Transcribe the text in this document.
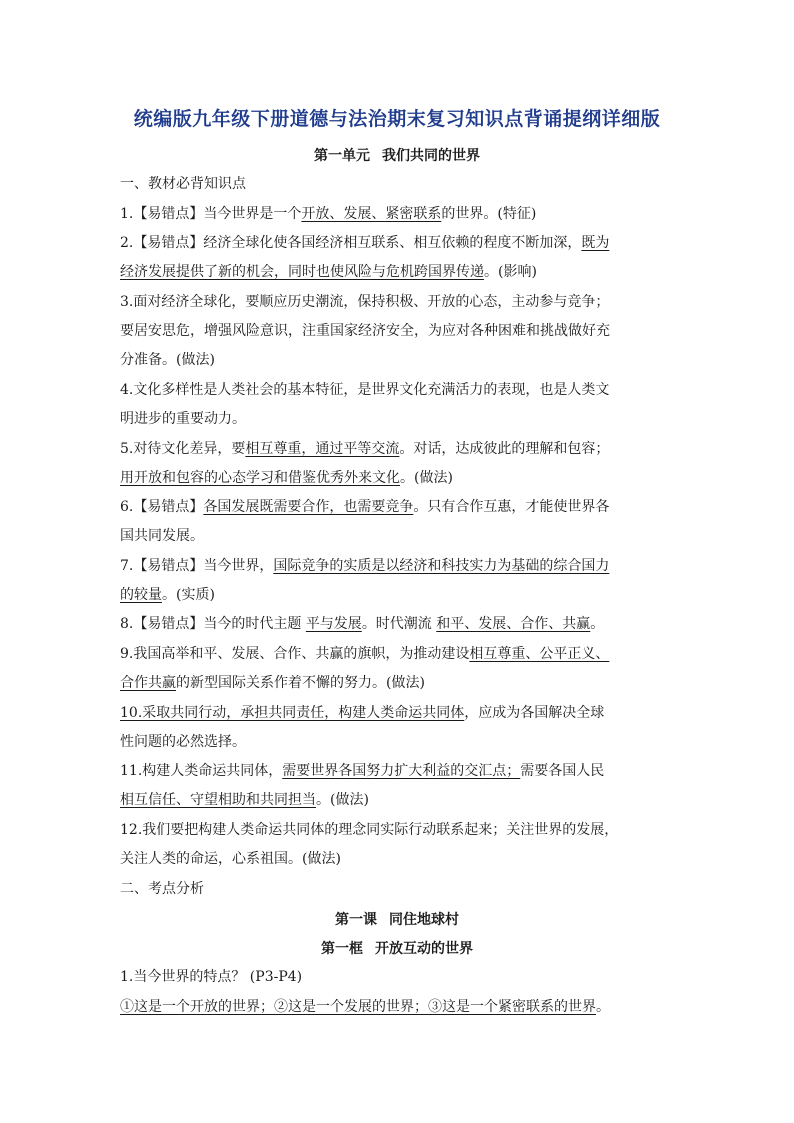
统编版九年级下册道德与法治期末复习知识点背诵提纲详细版
第一单元 我们共同的世界
一、教材必背知识点
1.【易错点】当今世界是一个开放、发展、紧密联系的世界。(特征)
2.【易错点】经济全球化使各国经济相互联系、相互依赖的程度不断加深，既为
经济发展提供了新的机会，同时也使风险与危机跨国界传递。(影响)
3.面对经济全球化，要顺应历史潮流，保持积极、开放的心态，主动参与竞争；
要居安思危，增强风险意识，注重国家经济安全，为应对各种困难和挑战做好充
分准备。(做法)
4.文化多样性是人类社会的基本特征，是世界文化充满活力的表现，也是人类文
明进步的重要动力。
5.对待文化差异，要相互尊重，通过平等交流。对话，达成彼此的理解和包容；
用开放和包容的心态学习和借鉴优秀外来文化。(做法)
6.【易错点】各国发展既需要合作，也需要竞争。只有合作互惠，才能使世界各
国共同发展。
7.【易错点】当今世界，国际竞争的实质是以经济和科技实力为基础的综合国力
的较量。(实质)
8.【易错点】当今的时代主题 平与发展。时代潮流 和平、发展、合作、共赢。
9.我国高举和平、发展、合作、共赢的旗帜，为推动建设相互尊重、公平正义、
合作共赢的新型国际关系作着不懈的努力。(做法)
10.采取共同行动，承担共同责任，构建人类命运共同体，应成为各国解决全球
性问题的必然选择。
11.构建人类命运共同体，需要世界各国努力扩大利益的交汇点；需要各国人民
相互信任、守望相助和共同担当。(做法)
12.我们要把构建人类命运共同体的理念同实际行动联系起来；关注世界的发展，
关注人类的命运，心系祖国。(做法)
二、考点分析
第一课 同住地球村
第一框 开放互动的世界
1.当今世界的特点？ (P3-P4)
①这是一个开放的世界；②这是一个发展的世界；③这是一个紧密联系的世界。
